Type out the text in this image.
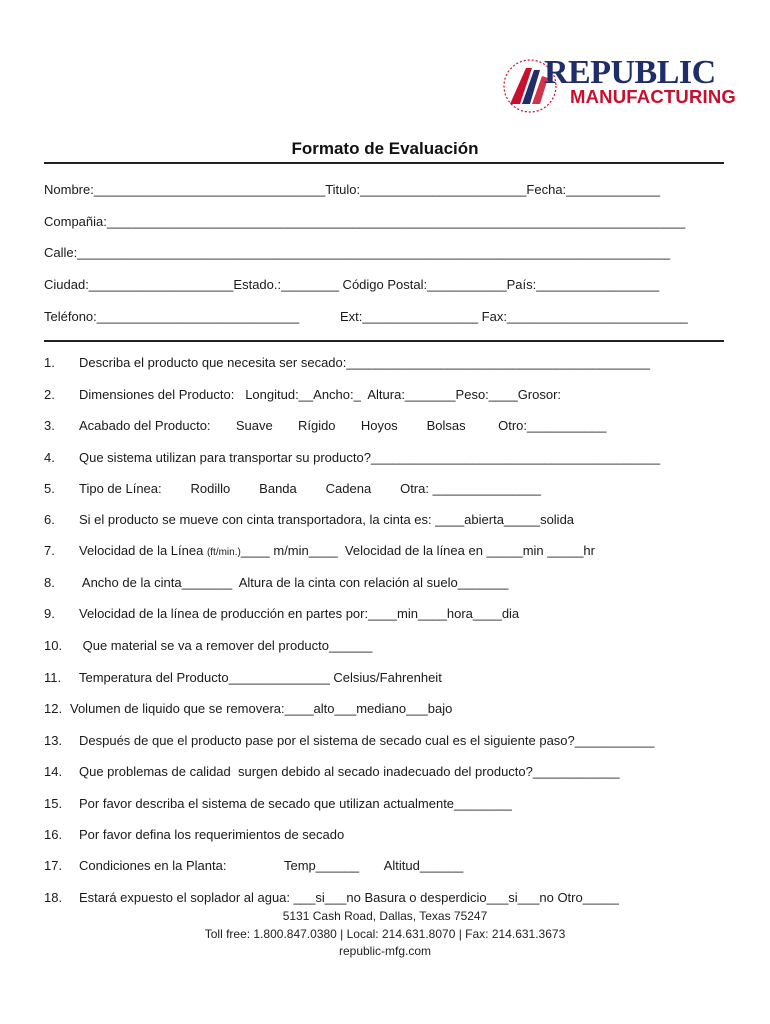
REPUBLIC
MANUFACTURING
Formato de Evaluación
Nombre:________________________________Titulo:_______________________Fecha:_____________
Compañia:________________________________________________________________________________
Calle:__________________________________________________________________________________
Ciudad:____________________Estado.:________ Código Postal:___________País:_________________
Teléfono:____________________________	Ext:________________ Fax:_________________________
1. Describa el producto que necesita ser secado:__________________________________________
2. Dimensiones del Producto:   Longitud:__Ancho:_  Altura:_______Peso:____Grosor:
3. Acabado del Producto:       Suave       Rígido       Hoyos        Bolsas         Otro:___________
4. Que sistema utilizan para transportar su producto?________________________________________
5. Tipo de Línea:        Rodillo        Banda        Cadena        Otra: _______________
6. Si el producto se mueve con cinta transportadora, la cinta es: ____abierta_____solida
7. Velocidad de la Línea (ft/min.)____ m/min____  Velocidad de la línea en _____min _____hr
8. Ancho de la cinta_______  Altura de la cinta con relación al suelo_______
9. Velocidad de la línea de producción en partes por:____min____hora____dia
10. Que material se va a remover del producto______
11. Temperatura del Producto______________ Celsius/Fahrenheit
12. Volumen de liquido que se removera:____alto___mediano___bajo
13. Después de que el producto pase por el sistema de secado cual es el siguiente paso?___________
14. Que problemas de calidad  surgen debido al secado inadecuado del producto?____________
15. Por favor describa el sistema de secado que utilizan actualmente________
16. Por favor defina los requerimientos de secado
17. Condiciones en la Planta:                Temp______       Altitud______
18. Estará expuesto el soplador al agua: ___si___no Basura o desperdicio___si___no Otro_____
5131 Cash Road, Dallas, Texas 75247
Toll free: 1.800.847.0380 | Local: 214.631.8070 | Fax: 214.631.3673
republic-mfg.com
